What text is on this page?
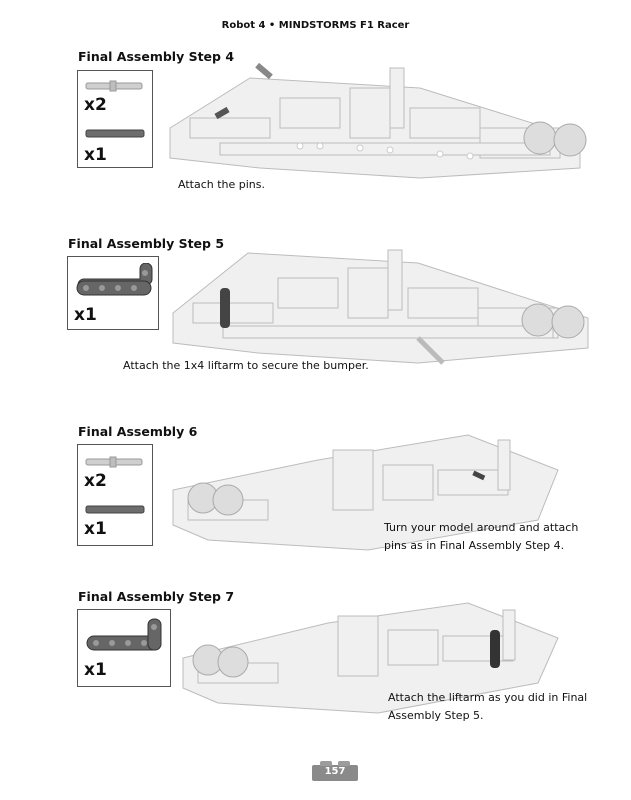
Robot 4 • MINDSTORMS F1 Racer
Final Assembly Step 4
x2
x1
Attach the pins.
Final Assembly Step 5
x1
Attach the 1x4 liftarm to secure the bumper.
Final Assembly 6
x2
x1	Turn your model around and attach
pins as in Final Assembly Step 4.
Final Assembly Step 7
x1
Attach the liftarm as you did in Final
Assembly Step 5.
157
